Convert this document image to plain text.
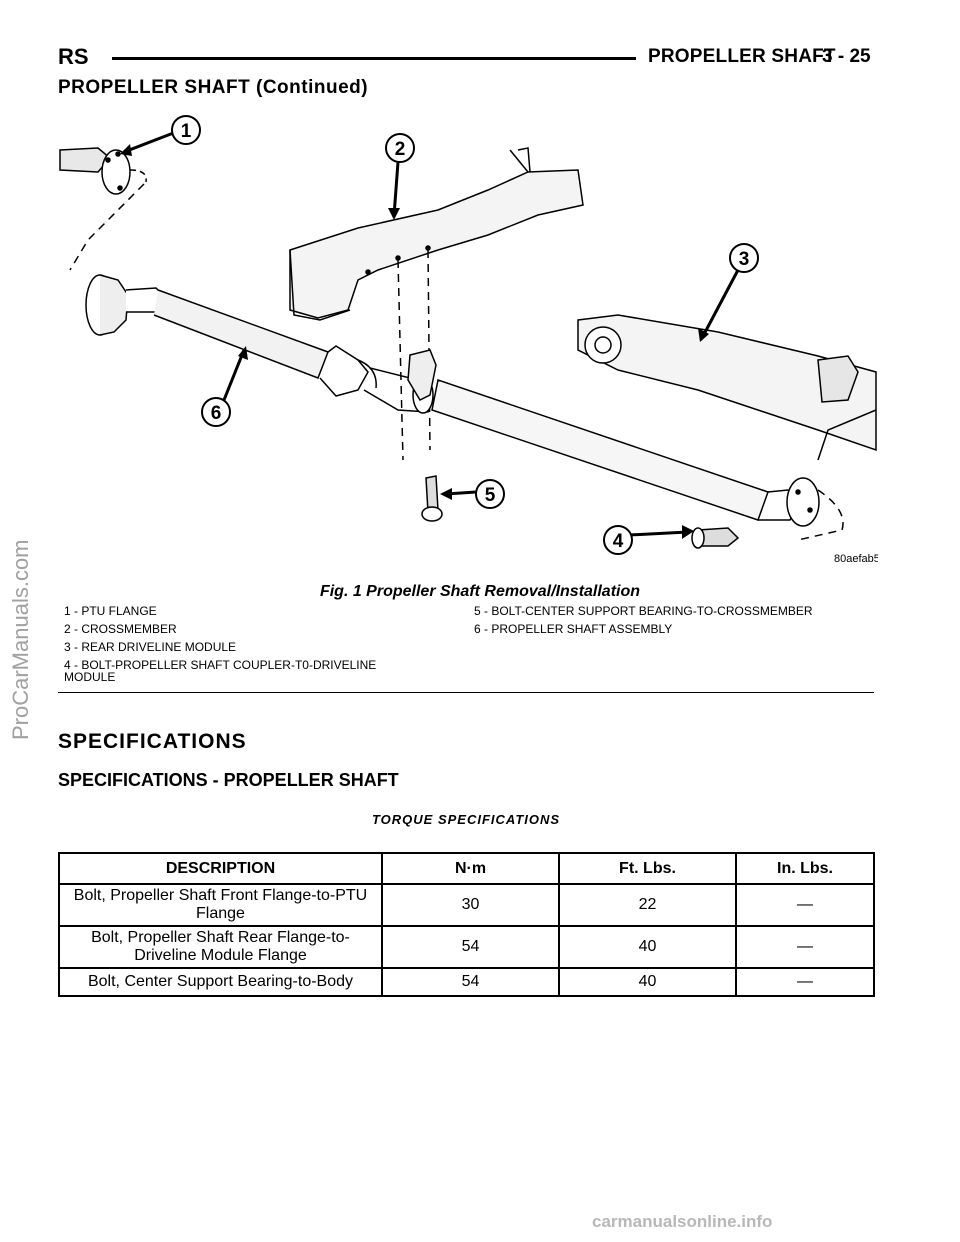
RS	PROPELLER SHAFT
3 - 25
PROPELLER SHAFT (Continued)
1
2
3
4
5
6
80aefab5
Fig. 1 Propeller Shaft Removal/Installation
1 - PTU FLANGE
2 - CROSSMEMBER
3 - REAR DRIVELINE MODULE
4 - BOLT-PROPELLER SHAFT COUPLER-T0-DRIVELINE MODULE
5 - BOLT-CENTER SUPPORT BEARING-TO-CROSSMEMBER
6 - PROPELLER SHAFT ASSEMBLY
SPECIFICATIONS
SPECIFICATIONS - PROPELLER SHAFT
TORQUE SPECIFICATIONS
DESCRIPTION	N·m	Ft. Lbs.	In. Lbs.
Bolt, Propeller Shaft Front Flange-to-PTU Flange	30	22	—
Bolt, Propeller Shaft Rear Flange-to-Driveline Module Flange	54	40	—
Bolt, Center Support Bearing-to-Body	54	40	—
ProCarManuals.com
carmanualsonline.info
